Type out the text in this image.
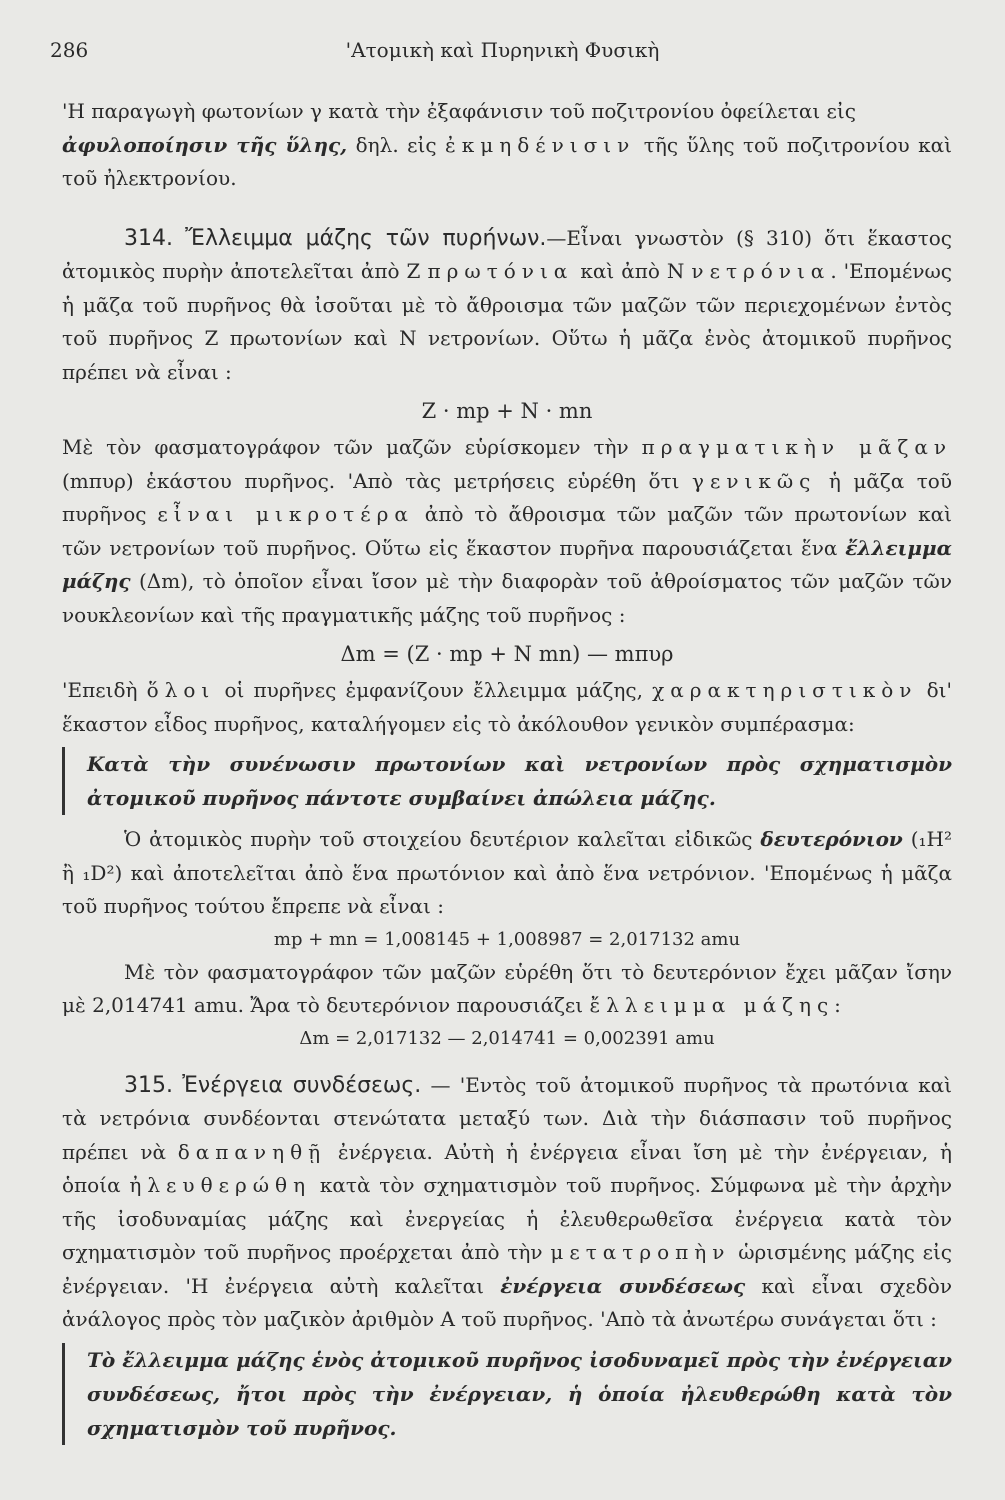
286	'Ατομικὴ καὶ Πυρηνικὴ Φυσικὴ

'Η παραγωγὴ φωτονίων γ κατὰ τὴν ἐξαφάνισιν τοῦ ποζιτρονίου ὀφείλεται εἰς
ἀφυλοποίησιν τῆς ὕλης, δηλ. εἰς ἐκμηδένισιν τῆς ὕλης τοῦ ποζιτρονίου καὶ τοῦ ἠλεκτρονίου.

314. Ἔλλειμμα μάζης τῶν πυρήνων.—Εἶναι γνωστὸν (§ 310) ὅτι ἕκαστος ἀτομικὸς πυρὴν ἀποτελεῖται ἀπὸ Ζ πρωτόνια καὶ ἀπὸ Ν νετρόνια. 'Επομένως ἡ μᾶζα τοῦ πυρῆνος θὰ ἰσοῦται μὲ τὸ ἄθροισμα τῶν μαζῶν τῶν περιεχομένων ἐντὸς τοῦ πυρῆνος Ζ πρωτονίων καὶ Ν νετρονίων. Οὕτω ἡ μᾶζα ἑνὸς ἀτομικοῦ πυρῆνος πρέπει νὰ εἶναι :

Z · mp + N · mn

Μὲ τὸν φασματογράφον τῶν μαζῶν εὑρίσκομεν τὴν πραγματικὴν μᾶζαν (mπυρ) ἑκάστου πυρῆνος. 'Απὸ τὰς μετρήσεις εὑρέθη ὅτι γενικῶς ἡ μᾶζα τοῦ πυρῆνος εἶναι μικροτέρα ἀπὸ τὸ ἄθροισμα τῶν μαζῶν τῶν πρωτονίων καὶ τῶν νετρονίων τοῦ πυρῆνος. Οὕτω εἰς ἕκαστον πυρῆνα παρουσιάζεται ἕνα ἔλλειμμα μάζης (Δm), τὸ ὁποῖον εἶναι ἴσον μὲ τὴν διαφορὰν τοῦ ἀθροίσματος τῶν μαζῶν τῶν νουκλεονίων καὶ τῆς πραγματικῆς μάζης τοῦ πυρῆνος :

Δm = (Z · mp + N mn) — mπυρ

'Επειδὴ ὅλοι οἱ πυρῆνες ἐμφανίζουν ἔλλειμμα μάζης, χαρακτηριστικὸν δι' ἕκαστον εἶδος πυρῆνος, καταλήγομεν εἰς τὸ ἀκόλουθον γενικὸν συμπέρασμα:

Κατὰ τὴν συνένωσιν πρωτονίων καὶ νετρονίων πρὸς σχηματισμὸν ἀτομικοῦ πυρῆνος πάντοτε συμβαίνει ἀπώλεια μάζης.

Ὁ ἀτομικὸς πυρὴν τοῦ στοιχείου δευτέριον καλεῖται εἰδικῶς δευτερόνιον (₁H² ἢ ₁D²) καὶ ἀποτελεῖται ἀπὸ ἕνα πρωτόνιον καὶ ἀπὸ ἕνα νετρόνιον. 'Επομένως ἡ μᾶζα τοῦ πυρῆνος τούτου ἔπρεπε νὰ εἶναι :

mp + mn = 1,008145 + 1,008987 = 2,017132 amu

Μὲ τὸν φασματογράφον τῶν μαζῶν εὑρέθη ὅτι τὸ δευτερόνιον ἔχει μᾶζαν ἴσην μὲ 2,014741 amu. Ἄρα τὸ δευτερόνιον παρουσιάζει ἔλλειμμα μάζης:

Δm = 2,017132 — 2,014741 = 0,002391 amu

315. Ἐνέργεια συνδέσεως. — 'Εντὸς τοῦ ἀτομικοῦ πυρῆνος τὰ πρωτόνια καὶ τὰ νετρόνια συνδέονται στενώτατα μεταξύ των. Διὰ τὴν διάσπασιν τοῦ πυρῆνος πρέπει νὰ δαπανηθῇ ἐνέργεια. Αὐτὴ ἡ ἐνέργεια εἶναι ἴση μὲ τὴν ἐνέργειαν, ἡ ὁποία ἠλευθερώθη κατὰ τὸν σχηματισμὸν τοῦ πυρῆνος. Σύμφωνα μὲ τὴν ἀρχὴν τῆς ἰσοδυναμίας μάζης καὶ ἐνεργείας ἡ ἐλευθερωθεῖσα ἐνέργεια κατὰ τὸν σχηματισμὸν τοῦ πυρῆνος προέρχεται ἀπὸ τὴν μετατροπὴν ὡρισμένης μάζης εἰς ἐνέργειαν. 'Η ἐνέργεια αὐτὴ καλεῖται ἐνέργεια συνδέσεως καὶ εἶναι σχεδὸν ἀνάλογος πρὸς τὸν μαζικὸν ἀριθμὸν Α τοῦ πυρῆνος. 'Απὸ τὰ ἀνωτέρω συνάγεται ὅτι :

Τὸ ἔλλειμμα μάζης ἑνὸς ἀτομικοῦ πυρῆνος ἰσοδυναμεῖ πρὸς τὴν ἐνέργειαν συνδέσεως, ἤτοι πρὸς τὴν ἐνέργειαν, ἡ ὁποία ἠλευθερώθη κατὰ τὸν σχηματισμὸν τοῦ πυρῆνος.
